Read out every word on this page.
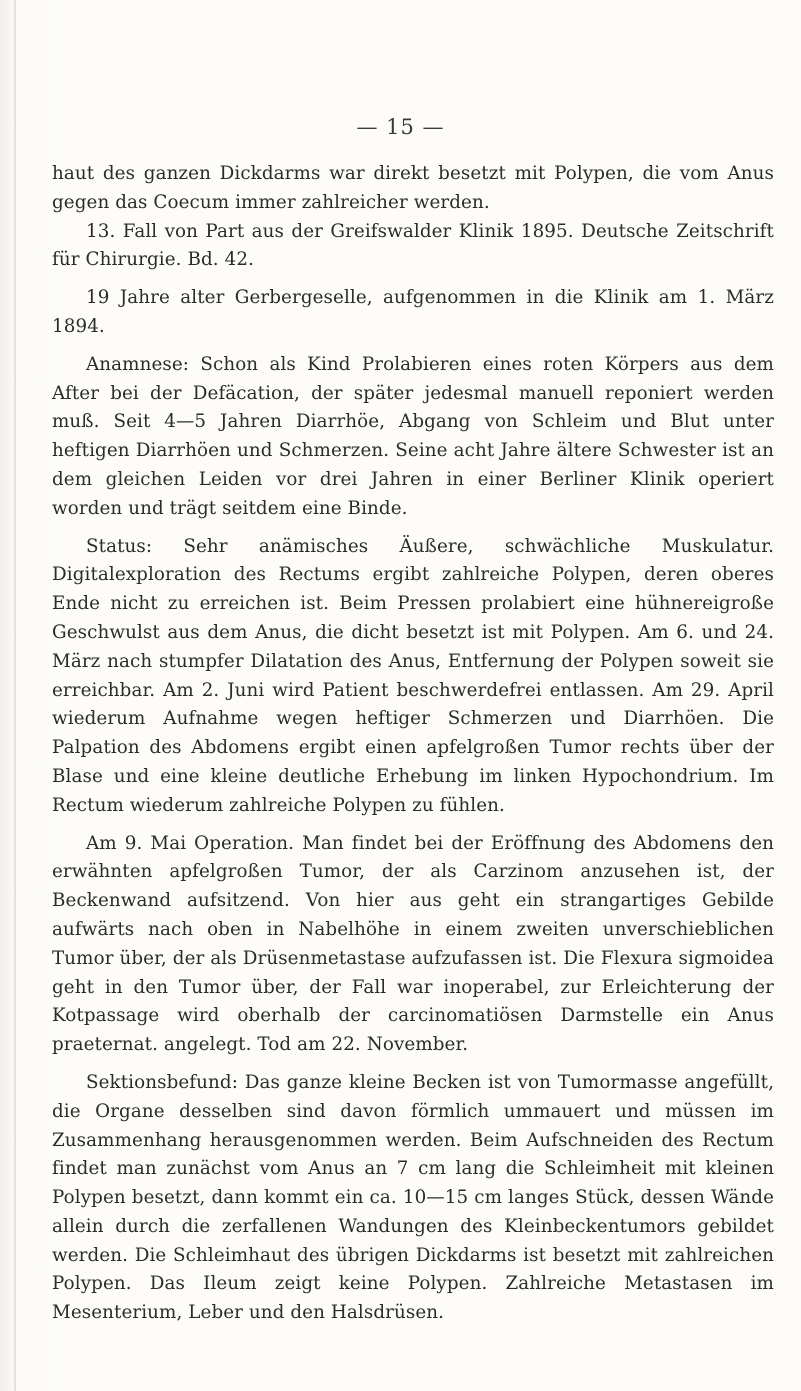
— 15 —

haut des ganzen Dickdarms war direkt besetzt mit Polypen, die vom Anus gegen das Coecum immer zahlreicher werden.

13. Fall von Part aus der Greifswalder Klinik 1895. Deutsche Zeitschrift für Chirurgie. Bd. 42.

19 Jahre alter Gerbergeselle, aufgenommen in die Klinik am 1. März 1894.

Anamnese: Schon als Kind Prolabieren eines roten Körpers aus dem After bei der Defäcation, der später jedesmal manuell reponiert werden muß. Seit 4—5 Jahren Diarrhöe, Abgang von Schleim und Blut unter heftigen Diarrhöen und Schmerzen. Seine acht Jahre ältere Schwester ist an dem gleichen Leiden vor drei Jahren in einer Berliner Klinik operiert worden und trägt seitdem eine Binde.

Status: Sehr anämisches Äußere, schwächliche Muskulatur. Digitalexploration des Rectums ergibt zahlreiche Polypen, deren oberes Ende nicht zu erreichen ist. Beim Pressen prolabiert eine hühnereigroße Geschwulst aus dem Anus, die dicht besetzt ist mit Polypen. Am 6. und 24. März nach stumpfer Dilatation des Anus, Entfernung der Polypen soweit sie erreichbar. Am 2. Juni wird Patient beschwerdefrei entlassen. Am 29. April wiederum Aufnahme wegen heftiger Schmerzen und Diarrhöen. Die Palpation des Abdomens ergibt einen apfelgroßen Tumor rechts über der Blase und eine kleine deutliche Erhebung im linken Hypochondrium. Im Rectum wiederum zahlreiche Polypen zu fühlen.

Am 9. Mai Operation. Man findet bei der Eröffnung des Abdomens den erwähnten apfelgroßen Tumor, der als Carzinom anzusehen ist, der Beckenwand aufsitzend. Von hier aus geht ein strangartiges Gebilde aufwärts nach oben in Nabelhöhe in einem zweiten unverschieblichen Tumor über, der als Drüsenmetastase aufzufassen ist. Die Flexura sigmoidea geht in den Tumor über, der Fall war inoperabel, zur Erleichterung der Kotpassage wird oberhalb der carcinomatiösen Darmstelle ein Anus praeternat. angelegt. Tod am 22. November.

Sektionsbefund: Das ganze kleine Becken ist von Tumormasse angefüllt, die Organe desselben sind davon förmlich ummauert und müssen im Zusammenhang herausgenommen werden. Beim Aufschneiden des Rectum findet man zunächst vom Anus an 7 cm lang die Schleimheit mit kleinen Polypen besetzt, dann kommt ein ca. 10—15 cm langes Stück, dessen Wände allein durch die zerfallenen Wandungen des Kleinbeckentumors gebildet werden. Die Schleimhaut des übrigen Dickdarms ist besetzt mit zahlreichen Polypen. Das Ileum zeigt keine Polypen. Zahlreiche Metastasen im Mesenterium, Leber und den Halsdrüsen.
